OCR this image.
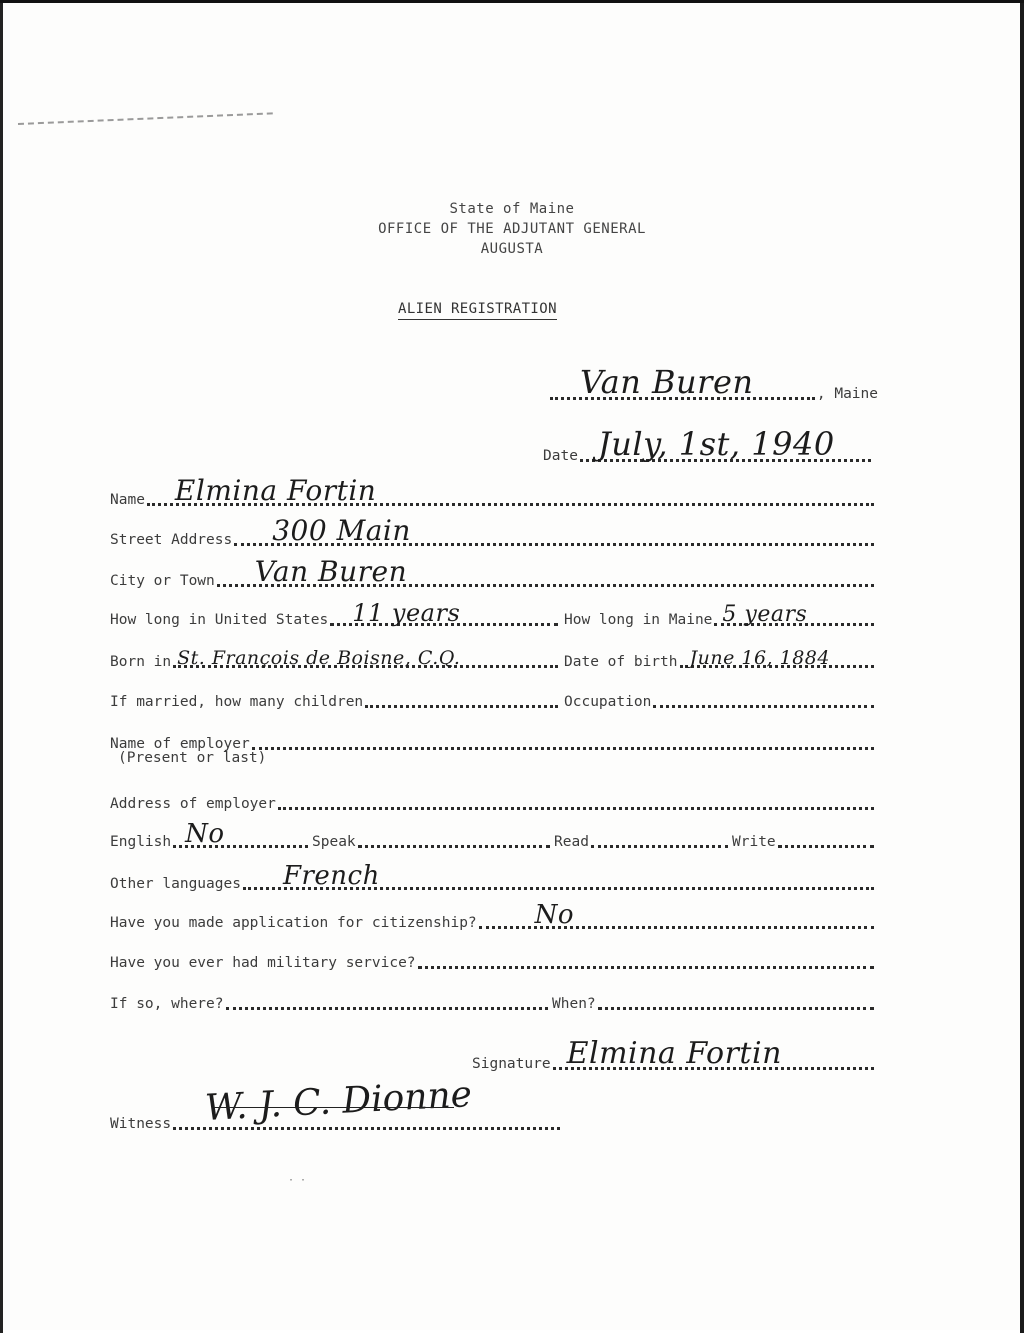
State of Maine
OFFICE OF THE ADJUTANT GENERAL
AUGUSTA
ALIEN REGISTRATION
Van Buren	, Maine
Date July, 1st, 1940
Name Elmina Fortin
Street Address 300 Main
City or Town Van Buren
How long in United States 11 years	How long in Maine 5 years
Born in St. François de Boisne, C.Q.	Date of birth June 16, 1884
If married, how many children	Occupation
Name of employer
(Present or last)
Address of employer
English No	Speak	Read	Write
Other languages French
Have you made application for citizenship? No
Have you ever had military service?
If so, where?	When?
Signature Elmina Fortin
Witness W. J. C. Dionne
· ·
